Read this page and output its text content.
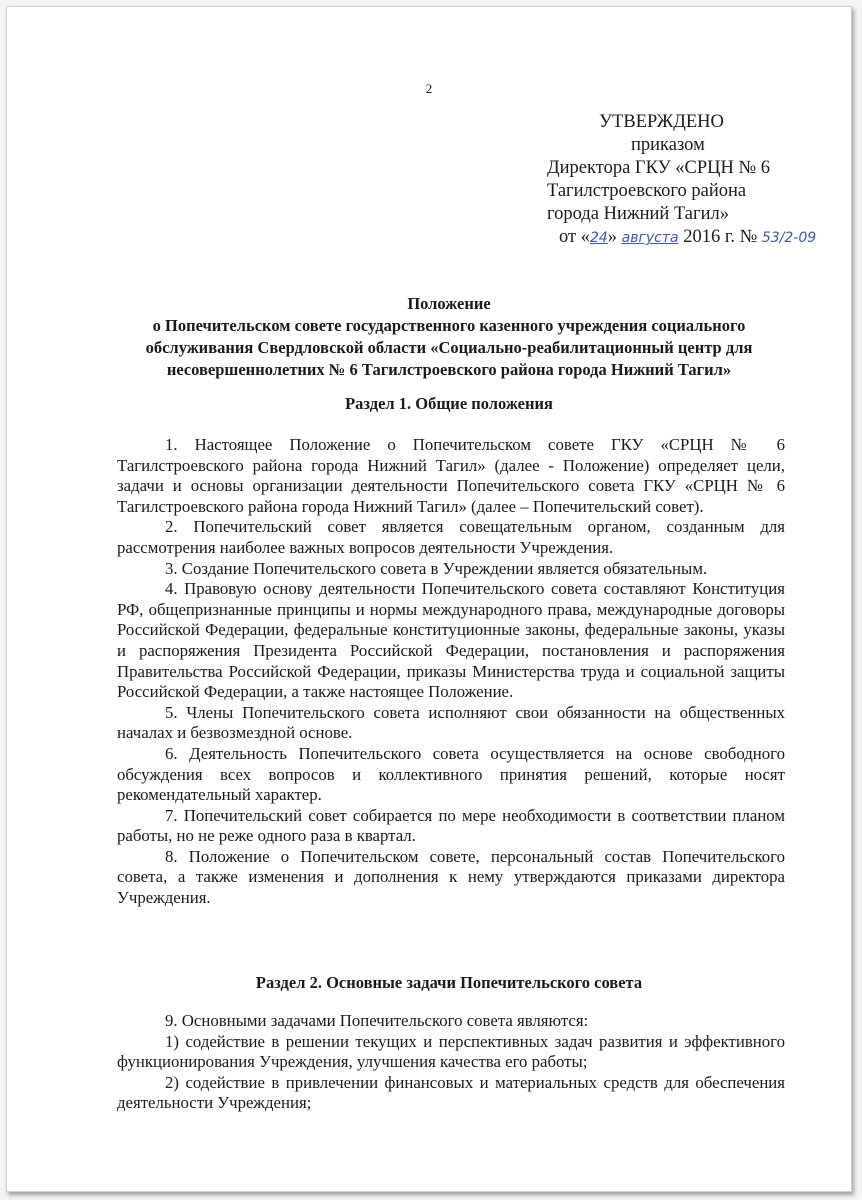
2
УТВЕРЖДЕНО
приказом
Директора ГКУ «СРЦН № 6
Тагилстроевского района
города Нижний Тагил»
от «24» августа 2016 г. № 53/2-09
Положение
о Попечительском совете государственного казенного учреждения социального
обслуживания Свердловской области «Социально-реабилитационный центр для
несовершеннолетних № 6 Тагилстроевского района города Нижний Тагил»
Раздел 1. Общие положения

1. Настоящее Положение о Попечительском совете ГКУ «СРЦН № 6 Тагилстроевского района города Нижний Тагил» (далее - Положение) определяет цели, задачи и основы организации деятельности Попечительского совета ГКУ «СРЦН № 6 Тагилстроевского района города Нижний Тагил» (далее – Попечительский совет).

2. Попечительский совет является совещательным органом, созданным для рассмотрения наиболее важных вопросов деятельности Учреждения.

3. Создание Попечительского совета в Учреждении является обязательным.

4. Правовую основу деятельности Попечительского совета составляют Конституция РФ, общепризнанные принципы и нормы международного права, международные договоры Российской Федерации, федеральные конституционные законы, федеральные законы, указы и распоряжения Президента Российской Федерации, постановления и распоряжения Правительства Российской Федерации, приказы Министерства труда и социальной защиты Российской Федерации, а также настоящее Положение.

5. Члены Попечительского совета исполняют свои обязанности на общественных началах и безвозмездной основе.

6. Деятельность Попечительского совета осуществляется на основе свободного обсуждения всех вопросов и коллективного принятия решений, которые носят рекомендательный характер.

7. Попечительский совет собирается по мере необходимости в соответствии планом работы, но не реже одного раза в квартал.

8. Положение о Попечительском совете, персональный состав Попечительского совета, а также изменения и дополнения к нему утверждаются приказами директора Учреждения.

Раздел 2. Основные задачи Попечительского совета

9. Основными задачами Попечительского совета являются:

1) содействие в решении текущих и перспективных задач развития и эффективного функционирования Учреждения, улучшения качества его работы;

2) содействие в привлечении финансовых и материальных средств для обеспечения деятельности Учреждения;
